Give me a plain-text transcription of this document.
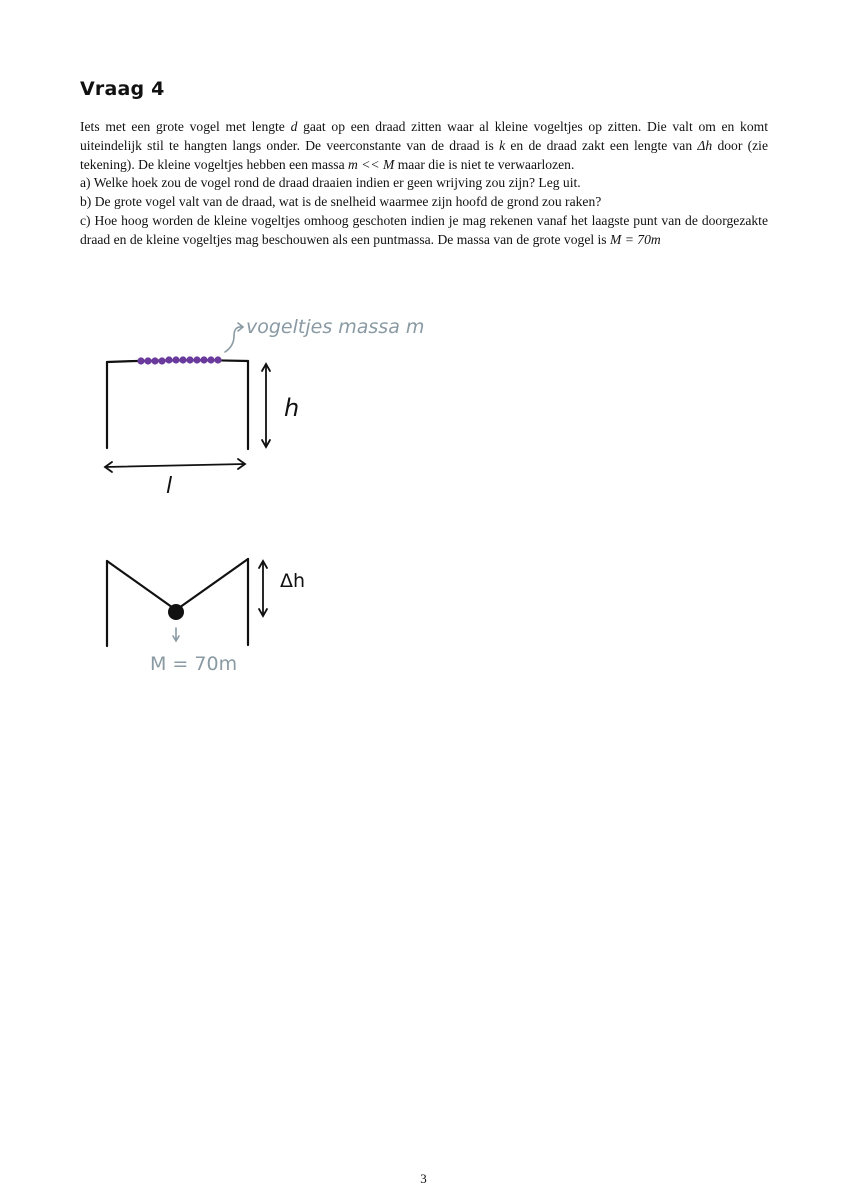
Vraag 4

Iets met een grote vogel met lengte d gaat op een draad zitten waar al kleine vogeltjes op zitten. Die valt om en komt uiteindelijk stil te hangten langs onder. De veerconstante van de draad is k en de draad zakt een lengte van Δh door (zie tekening). De kleine vogeltjes hebben een massa m << M maar die is niet te verwaarlozen.

a) Welke hoek zou de vogel rond de draad draaien indien er geen wrijving zou zijn? Leg uit.

b) De grote vogel valt van de draad, wat is de snelheid waarmee zijn hoofd de grond zou raken?

c) Hoe hoog worden de kleine vogeltjes omhoog geschoten indien je mag rekenen vanaf het laagste punt van de doorgezakte draad en de kleine vogeltjes mag beschouwen als een puntmassa. De massa van de grote vogel is M = 70m

vogeltjes massa m
h
l
M = 70m
Δh
3
